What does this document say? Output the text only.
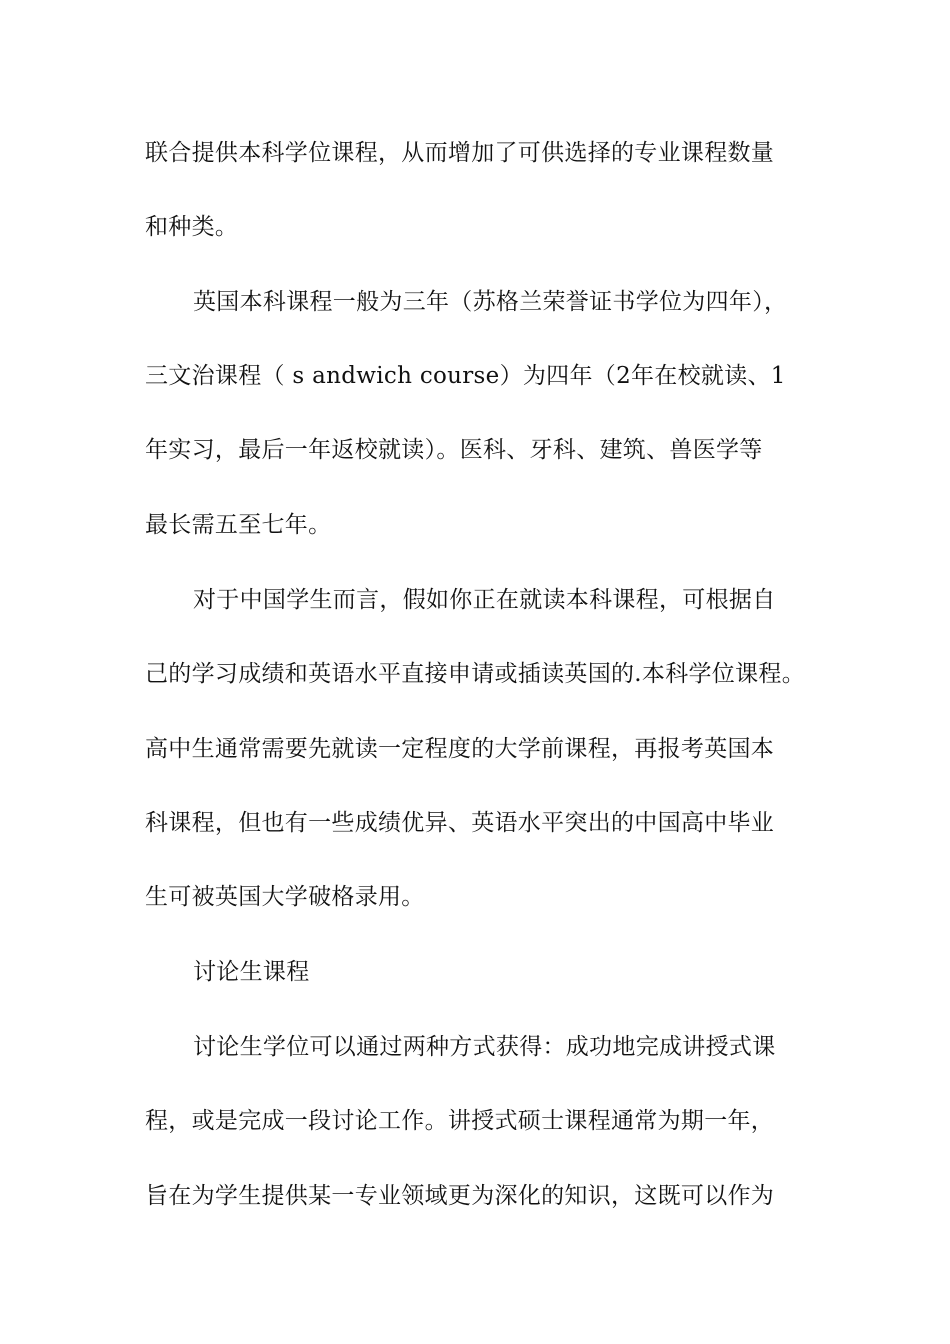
联合提供本科学位课程，从而增加了可供选择的专业课程数量
和种类。
英国本科课程一般为三年（苏格兰荣誉证书学位为四年），
三文治课程（ s andwich course）为四年（2年在校就读、1
年实习，最后一年返校就读）。医科、牙科、建筑、兽医学等
最长需五至七年。
对于中国学生而言，假如你正在就读本科课程，可根据自
己的学习成绩和英语水平直接申请或插读英国的.本科学位课程。
高中生通常需要先就读一定程度的大学前课程，再报考英国本
科课程，但也有一些成绩优异、英语水平突出的中国高中毕业
生可被英国大学破格录用。
讨论生课程
讨论生学位可以通过两种方式获得：成功地完成讲授式课
程，或是完成一段讨论工作。讲授式硕士课程通常为期一年，
旨在为学生提供某一专业领域更为深化的知识，这既可以作为
